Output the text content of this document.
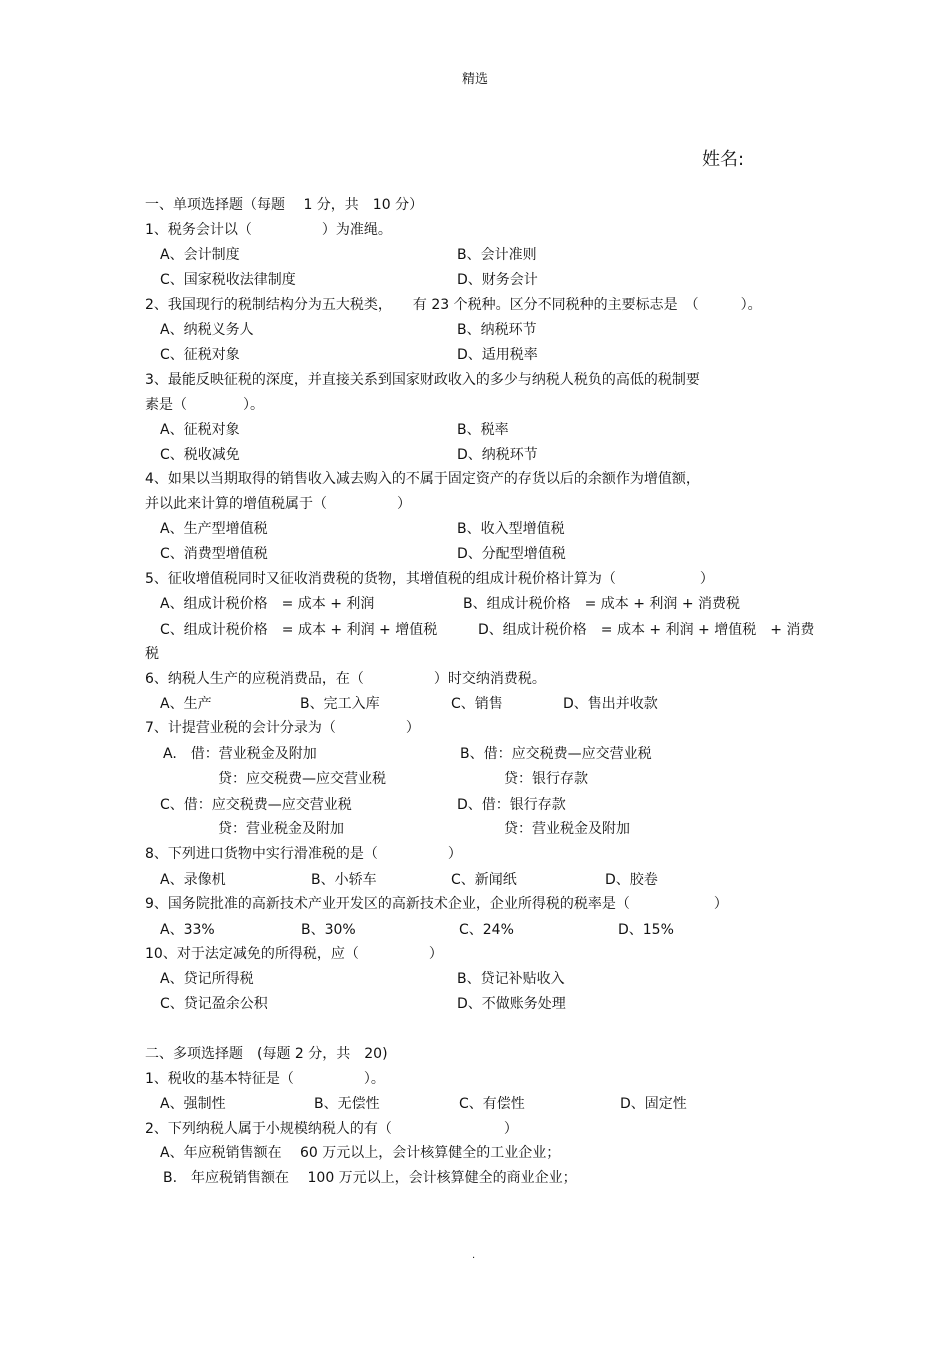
精选
姓名:
一、单项选择题（每题　 1 分，共　10 分）
1、税务会计以（　　　　　）为准绳。
A、会计制度	B、会计准则
C、国家税收法律制度	D、财务会计
2、我国现行的税制结构分为五大税类，　　有 23 个税种。区分不同税种的主要标志是　（　　　）。
A、纳税义务人	B、纳税环节
C、征税对象	D、适用税率
3、最能反映征税的深度，并直接关系到国家财政收入的多少与纳税人税负的高低的税制要
素是（　　　　）。
A、征税对象	B、税率
C、税收减免	D、纳税环节
4、如果以当期取得的销售收入减去购入的不属于固定资产的存货以后的余额作为增值额，
并以此来计算的增值税属于（　　　　　）
A、生产型增值税	B、收入型增值税
C、消费型增值税	D、分配型增值税
5、征收增值税同时又征收消费税的货物，其增值税的组成计税价格计算为（　　　　　　）
A、组成计税价格　= 成本 + 利润	B、组成计税价格　= 成本 + 利润 + 消费税
C、组成计税价格　= 成本 + 利润 + 增值税	D、组成计税价格　= 成本 + 利润 + 增值税　+ 消费
税
6、纳税人生产的应税消费品，在（　　　　　）时交纳消费税。
A、生产	B、完工入库	C、销售	D、售出并收款
7、计提营业税的会计分录为（　　　　　）
A.　借：营业税金及附加	B、借：应交税费—应交营业税
贷：应交税费—应交营业税	贷：银行存款
C、借：应交税费—应交营业税	D、借：银行存款
贷：营业税金及附加	贷：营业税金及附加
8、下列进口货物中实行滑准税的是（　　　　　）
A、录像机	B、小轿车	C、新闻纸	D、胶卷
9、国务院批准的高新技术产业开发区的高新技术企业，企业所得税的税率是（　　　　　　）
A、33%	B、30%	C、24%	D、15%
10、对于法定减免的所得税，应（　　　　　）
A、贷记所得税	B、贷记补贴收入
C、贷记盈余公积	D、不做账务处理
二、多项选择题　(每题 2 分，共　20)
1、税收的基本特征是（　　　　　）。
A、强制性	B、无偿性	C、有偿性	D、固定性
2、下列纳税人属于小规模纳税人的有（　　　　　　　　）
A、年应税销售额在　 60 万元以上，会计核算健全的工业企业；
B.　年应税销售额在　 100 万元以上，会计核算健全的商业企业；
.
